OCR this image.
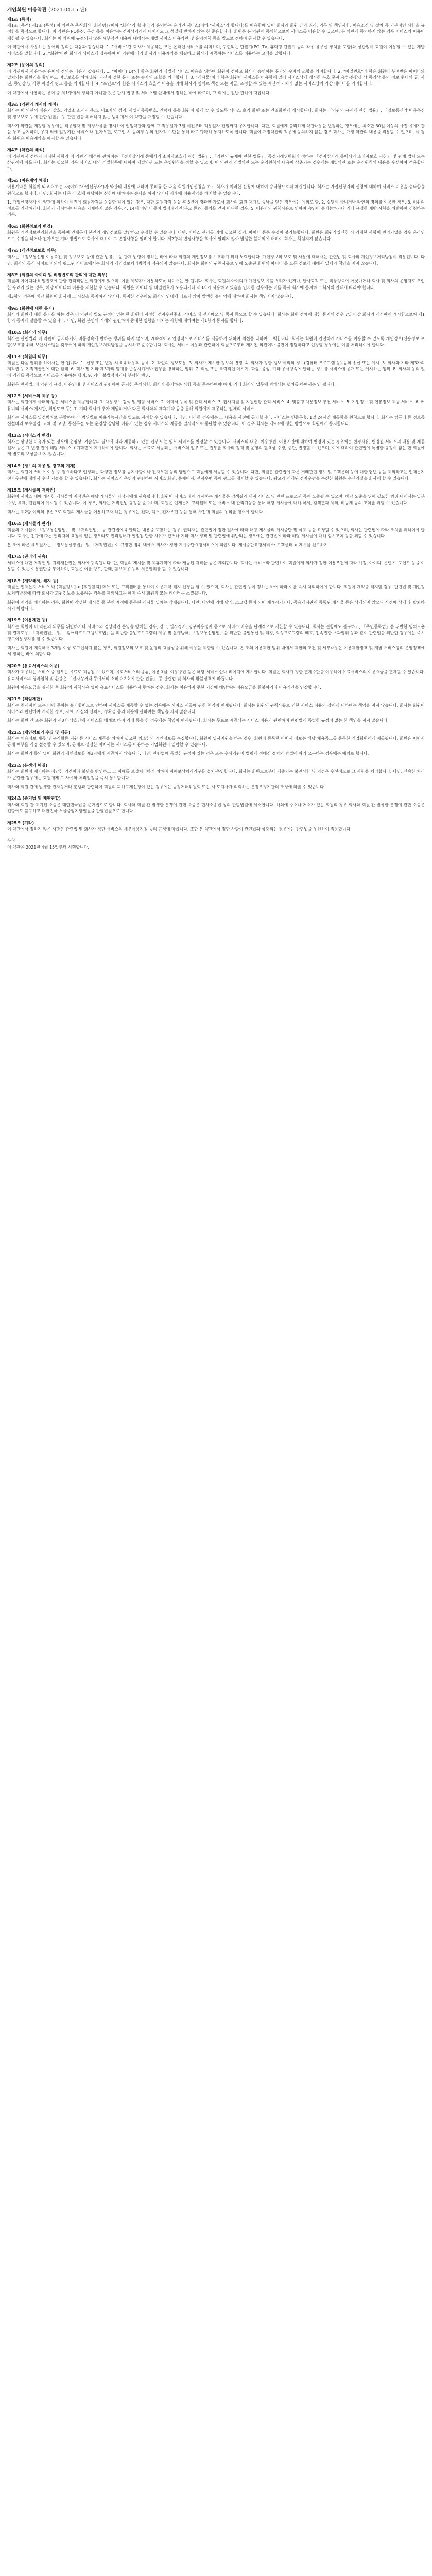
개인회원 이용약관 (2021.04.15 판)
제1조 (목적)
제1조 (목적) 제1조 (목적) 이 약관은 주식회사 [회사명] (이하 "회사"라 합니다)가 운영하는 온라인 서비스(이하 "서비스"라 합니다)를 이용함에 있어 회사와 회원 간의 권리, 의무 및 책임사항, 이용조건 및 절차 등 기본적인 사항을 규정함을 목적으로 합니다. 이 약관은 PC통신, 무선 등을 이용하는 전자상거래에 대해서도 그 성질에 반하지 않는 한 준용합니다. 회원은 본 약관에 동의함으로써 서비스를 이용할 수 있으며, 본 약관에 동의하지 않는 경우 서비스의 이용이 제한될 수 있습니다. 회사는 이 약관에 규정되지 않은 세부적인 내용에 대해서는 개별 서비스 이용약관 및 운영정책 등을 별도로 정하여 공지할 수 있습니다.
이 약관에서 사용하는 용어의 정의는 다음과 같습니다. 1. "서비스"란 회사가 제공하는 모든 온라인 서비스를 의미하며, 구현되는 단말기(PC, TV, 휴대형 단말기 등의 각종 유무선 장치를 포함)와 상관없이 회원이 이용할 수 있는 제반 서비스를 말합니다. 2. "회원"이란 회사의 서비스에 접속하여 이 약관에 따라 회사와 이용계약을 체결하고 회사가 제공하는 서비스를 이용하는 고객을 말합니다.
제2조 (용어의 정의)
이 약관에서 사용하는 용어의 정의는 다음과 같습니다. 1. "아이디(ID)"라 함은 회원의 식별과 서비스 이용을 위하여 회원이 정하고 회사가 승인하는 문자와 숫자의 조합을 의미합니다. 2. "비밀번호"라 함은 회원이 부여받은 아이디와 일치되는 회원임을 확인하고 비밀보호를 위해 회원 자신이 정한 문자 또는 숫자의 조합을 의미합니다. 3. "게시물"이라 함은 회원이 서비스를 이용함에 있어 서비스상에 게시한 부호·문자·음성·음향·화상·동영상 등의 정보 형태의 글, 사진, 동영상 및 각종 파일과 링크 등을 의미합니다. 4. "포인트"라 함은 서비스의 효율적 이용을 위해 회사가 임의로 책정 또는 지급, 조정할 수 있는 재산적 가치가 없는 서비스상의 가상 데이터를 의미합니다.
이 약관에서 사용하는 용어 중 제1항에서 정하지 아니한 것은 관계 법령 및 서비스별 안내에서 정하는 바에 따르며, 그 외에는 일반 관례에 따릅니다.
제3조 (약관의 게시와 개정)
회사는 이 약관의 내용과 상호, 영업소 소재지 주소, 대표자의 성명, 사업자등록번호, 연락처 등을 회원이 쉽게 알 수 있도록 서비스 초기 화면 또는 연결화면에 게시합니다. 회사는 「약관의 규제에 관한 법률」, 「정보통신망 이용촉진 및 정보보호 등에 관한 법률」 등 관련 법을 위배하지 않는 범위에서 이 약관을 개정할 수 있습니다.
회사가 약관을 개정할 경우에는 적용일자 및 개정사유를 명시하여 현행약관과 함께 그 적용일자 7일 이전부터 적용일자 전일까지 공지합니다. 다만, 회원에게 불리하게 약관내용을 변경하는 경우에는 최소한 30일 이상의 사전 유예기간을 두고 공지하며, 공지 외에 일정기간 서비스 내 전자우편, 로그인 시 동의창 등의 전자적 수단을 통해 따로 명확히 통지하도록 합니다. 회원이 개정약관의 적용에 동의하지 않는 경우 회사는 개정 약관의 내용을 적용할 수 없으며, 이 경우 회원은 이용계약을 해지할 수 있습니다.
제4조 (약관의 해석)
이 약관에서 정하지 아니한 사항과 이 약관의 해석에 관하여는 「전자상거래 등에서의 소비자보호에 관한 법률」, 「약관의 규제에 관한 법률」, 공정거래위원회가 정하는 「전자상거래 등에서의 소비자보호 지침」 및 관계 법령 또는 상관례에 따릅니다. 회사는 필요한 경우 서비스 내의 개별항목에 대하여 개별약관 또는 운영원칙을 정할 수 있으며, 이 약관과 개별약관 또는 운영원칙의 내용이 상충되는 경우에는 개별약관 또는 운영원칙의 내용을 우선하여 적용합니다.
제5조 (이용계약 체결)
이용계약은 회원이 되고자 하는 자(이하 "가입신청자")가 약관의 내용에 대하여 동의를 한 다음 회원가입신청을 하고 회사가 이러한 신청에 대하여 승낙함으로써 체결됩니다. 회사는 가입신청자의 신청에 대하여 서비스 이용을 승낙함을 원칙으로 합니다. 다만, 회사는 다음 각 호에 해당하는 신청에 대하여는 승낙을 하지 않거나 사후에 이용계약을 해지할 수 있습니다.
1. 가입신청자가 이 약관에 의하여 이전에 회원자격을 상실한 적이 있는 경우, 다만 회원자격 상실 후 3년이 경과한 자로서 회사의 회원 재가입 승낙을 얻은 경우에는 예외로 함. 2. 실명이 아니거나 타인의 명의를 이용한 경우. 3. 허위의 정보를 기재하거나, 회사가 제시하는 내용을 기재하지 않은 경우. 4. 14세 미만 아동이 법정대리인(부모 등)의 동의를 얻지 아니한 경우. 5. 이용자의 귀책사유로 인하여 승인이 불가능하거나 기타 규정한 제반 사항을 위반하며 신청하는 경우.
제6조 (회원정보의 변경)
회원은 개인정보관리화면을 통하여 언제든지 본인의 개인정보를 열람하고 수정할 수 있습니다. 다만, 서비스 관리를 위해 필요한 실명, 아이디 등은 수정이 불가능합니다. 회원은 회원가입신청 시 기재한 사항이 변경되었을 경우 온라인으로 수정을 하거나 전자우편 기타 방법으로 회사에 대하여 그 변경사항을 알려야 합니다. 제2항의 변경사항을 회사에 알리지 않아 발생한 불이익에 대하여 회사는 책임지지 않습니다.
제7조 (개인정보보호 의무)
회사는 「정보통신망 이용촉진 및 정보보호 등에 관한 법률」 등 관계 법령이 정하는 바에 따라 회원의 개인정보를 보호하기 위해 노력합니다. 개인정보의 보호 및 사용에 대해서는 관련법 및 회사의 개인정보처리방침이 적용됩니다. 다만, 회사의 공식 사이트 이외의 링크된 사이트에서는 회사의 개인정보처리방침이 적용되지 않습니다. 회사는 회원의 귀책사유로 인해 노출된 회원의 아이디 등 모든 정보에 대해서 일체의 책임을 지지 않습니다.
제8조 (회원의 아이디 및 비밀번호의 관리에 대한 의무)
회원의 아이디와 비밀번호에 관한 관리책임은 회원에게 있으며, 이를 제3자가 이용하도록 하여서는 안 됩니다. 회사는 회원의 아이디가 개인정보 유출 우려가 있거나, 반사회적 또는 미풍양속에 어긋나거나 회사 및 회사의 운영자로 오인한 우려가 있는 경우, 해당 아이디의 이용을 제한할 수 있습니다. 회원은 아이디 및 비밀번호가 도용되거나 제3자가 사용하고 있음을 인지한 경우에는 이를 즉시 회사에 통지하고 회사의 안내에 따라야 합니다.
제3항의 경우에 해당 회원이 회사에 그 사실을 통지하지 않거나, 통지한 경우에도 회사의 안내에 따르지 않아 발생한 불이익에 대하여 회사는 책임지지 않습니다.
제9조 (회원에 대한 통지)
회사가 회원에 대한 통지를 하는 경우 이 약관에 별도 규정이 없는 한 회원이 지정한 전자우편주소, 서비스 내 전자메모 및 쪽지 등으로 할 수 있습니다. 회사는 회원 전체에 대한 통지의 경우 7일 이상 회사의 게시판에 게시함으로써 제1항의 통지에 갈음할 수 있습니다. 다만, 회원 본인의 거래와 관련하여 중대한 영향을 미치는 사항에 대하여는 제1항의 통지를 합니다.
제10조 (회사의 의무)
회사는 관련법과 이 약관이 금지하거나 미풍양속에 반하는 행위를 하지 않으며, 계속적이고 안정적으로 서비스를 제공하기 위하여 최선을 다하여 노력합니다. 회사는 회원이 안전하게 서비스를 이용할 수 있도록 개인정보(신용정보 포함)보호를 위해 보안시스템을 갖추어야 하며 개인정보처리방침을 공시하고 준수합니다. 회사는 서비스 이용과 관련하여 회원으로부터 제기된 의견이나 불만이 정당하다고 인정할 경우에는 이를 처리하여야 합니다.
제11조 (회원의 의무)
회원은 다음 행위를 하여서는 안 됩니다. 1. 신청 또는 변경 시 허위내용의 등록. 2. 타인의 정보도용. 3. 회사가 게시한 정보의 변경. 4. 회사가 정한 정보 이외의 정보(컴퓨터 프로그램 등) 등의 송신 또는 게시. 5. 회사와 기타 제3자의 저작권 등 지적재산권에 대한 침해. 6. 회사 및 기타 제3자의 명예를 손상시키거나 업무를 방해하는 행위. 7. 외설 또는 폭력적인 메시지, 화상, 음성, 기타 공서양속에 반하는 정보를 서비스에 공개 또는 게시하는 행위. 8. 회사의 동의 없이 영리를 목적으로 서비스를 사용하는 행위. 9. 기타 불법적이거나 부당한 행위.
회원은 관계법, 이 약관의 규정, 이용안내 및 서비스와 관련하여 공지한 주의사항, 회사가 통지하는 사항 등을 준수하여야 하며, 기타 회사의 업무에 방해되는 행위를 하여서는 안 됩니다.
제12조 (서비스의 제공 등)
회사는 회원에게 아래와 같은 서비스를 제공합니다. 1. 채용정보 검색 및 열람 서비스. 2. 이력서 등록 및 관리 서비스. 3. 입사지원 및 지원현황 관리 서비스. 4. 맞춤형 채용정보 추천 서비스. 5. 기업정보 및 연봉정보 제공 서비스. 6. 커뮤니티 서비스(게시판, 취업토크 등). 7. 기타 회사가 추가 개발하거나 다른 회사와의 제휴계약 등을 통해 회원에게 제공하는 일체의 서비스.
회사는 서비스를 일정범위로 분할하여 각 범위별로 이용가능시간을 별도로 지정할 수 있습니다. 다만, 이러한 경우에는 그 내용을 사전에 공지합니다. 서비스는 연중무휴, 1일 24시간 제공함을 원칙으로 합니다. 회사는 컴퓨터 등 정보통신설비의 보수점검, 교체 및 고장, 통신두절 또는 운영상 상당한 이유가 있는 경우 서비스의 제공을 일시적으로 중단할 수 있습니다. 이 경우 회사는 제9조에 정한 방법으로 회원에게 통지합니다.
제13조 (서비스의 변경)
회사는 상당한 이유가 있는 경우에 운영상, 기술상의 필요에 따라 제공하고 있는 전부 또는 일부 서비스를 변경할 수 있습니다. 서비스의 내용, 이용방법, 이용시간에 대하여 변경이 있는 경우에는 변경사유, 변경될 서비스의 내용 및 제공일자 등은 그 변경 전에 해당 서비스 초기화면에 게시하여야 합니다. 회사는 무료로 제공되는 서비스의 일부 또는 전부를 회사의 정책 및 운영의 필요상 수정, 중단, 변경할 수 있으며, 이에 대하여 관련법에 특별한 규정이 없는 한 회원에게 별도의 보상을 하지 않습니다.
제14조 (정보의 제공 및 광고의 게재)
회사는 회원이 서비스 이용 중 필요하다고 인정되는 다양한 정보를 공지사항이나 전자우편 등의 방법으로 회원에게 제공할 수 있습니다. 다만, 회원은 관련법에 따른 거래관련 정보 및 고객문의 등에 대한 답변 등을 제외하고는 언제든지 전자우편에 대해서 수신 거절을 할 수 있습니다. 회사는 서비스의 운영과 관련하여 서비스 화면, 홈페이지, 전자우편 등에 광고를 게재할 수 있습니다. 광고가 게재된 전자우편을 수신한 회원은 수신거절을 회사에 할 수 있습니다.
제15조 (게시물의 저작권)
회원이 서비스 내에 게시한 게시물의 저작권은 해당 게시물의 저작자에게 귀속됩니다. 회원이 서비스 내에 게시하는 게시물은 검색결과 내지 서비스 및 관련 프로모션 등에 노출될 수 있으며, 해당 노출을 위해 필요한 범위 내에서는 일부 수정, 복제, 편집되어 게시될 수 있습니다. 이 경우, 회사는 저작권법 규정을 준수하며, 회원은 언제든지 고객센터 또는 서비스 내 관리기능을 통해 해당 게시물에 대해 삭제, 검색결과 제외, 비공개 등의 조치를 취할 수 있습니다.
회사는 제2항 이외의 방법으로 회원의 게시물을 이용하고자 하는 경우에는 전화, 팩스, 전자우편 등을 통해 사전에 회원의 동의를 얻어야 합니다.
제16조 (게시물의 관리)
회원의 게시물이 「정보통신망법」 및 「저작권법」 등 관련법에 위반되는 내용을 포함하는 경우, 권리자는 관련법이 정한 절차에 따라 해당 게시물의 게시중단 및 삭제 등을 요청할 수 있으며, 회사는 관련법에 따라 조치를 취하여야 합니다. 회사는 전항에 따른 권리자의 요청이 없는 경우라도 권리침해가 인정될 만한 사유가 있거나 기타 회사 정책 및 관련법에 위반되는 경우에는 관련법에 따라 해당 게시물에 대해 임시조치 등을 취할 수 있습니다.
본 조에 따른 세부절차는 「정보통신망법」 및 「저작권법」이 규정한 범위 내에서 회사가 정한 게시중단요청서비스에 따릅니다. 게시중단요청서비스: 고객센터 > 게시물 신고하기
제17조 (권리의 귀속)
서비스에 대한 저작권 및 지적재산권은 회사에 귀속됩니다. 단, 회원의 게시물 및 제휴계약에 따라 제공된 저작물 등은 제외합니다. 회사는 서비스와 관련하여 회원에게 회사가 정한 이용조건에 따라 계정, 아이디, 콘텐츠, 포인트 등을 이용할 수 있는 이용권만을 부여하며, 회원은 이를 양도, 판매, 담보제공 등의 처분행위를 할 수 없습니다.
제18조 (계약해제, 해지 등)
회원은 언제든지 서비스 내 [회원정보] > [회원탈퇴] 메뉴 또는 고객센터를 통하여 이용계약 해지 신청을 할 수 있으며, 회사는 관련법 등이 정하는 바에 따라 이를 즉시 처리하여야 합니다. 회원이 계약을 해지할 경우, 관련법 및 개인정보처리방침에 따라 회사가 회원정보를 보유하는 경우를 제외하고는 해지 즉시 회원의 모든 데이터는 소멸됩니다.
회원이 계약을 해지하는 경우, 회원이 작성한 게시물 중 본인 계정에 등록된 게시물 일체는 삭제됩니다. 다만, 타인에 의해 담기, 스크랩 등이 되어 재게시되거나, 공용게시판에 등록된 게시물 등은 삭제되지 않으니 사전에 삭제 후 탈퇴하시기 바랍니다.
제19조 (이용제한 등)
회사는 회원이 이 약관의 의무를 위반하거나 서비스의 정상적인 운영을 방해한 경우, 경고, 일시정지, 영구이용정지 등으로 서비스 이용을 단계적으로 제한할 수 있습니다. 회사는 전항에도 불구하고, 「주민등록법」을 위반한 명의도용 및 결제도용, 「저작권법」 및 「컴퓨터프로그램보호법」을 위반한 불법프로그램의 제공 및 운영방해, 「정보통신망법」을 위반한 불법통신 및 해킹, 악성프로그램의 배포, 접속권한 초과행위 등과 같이 관련법을 위반한 경우에는 즉시 영구이용정지를 할 수 있습니다.
회사는 회원이 계속해서 3개월 이상 로그인하지 않는 경우, 회원정보의 보호 및 운영의 효율성을 위해 이용을 제한할 수 있습니다. 본 조의 이용제한 범위 내에서 제한의 조건 및 세부내용은 이용제한정책 및 개별 서비스상의 운영정책에서 정하는 바에 의합니다.
제20조 (유료서비스의 이용)
회사가 제공하는 서비스 중 일부는 유료로 제공될 수 있으며, 유료서비스의 종류, 이용요금, 이용방법 등은 해당 서비스 안내 페이지에 게시합니다. 회원은 회사가 정한 결제수단을 이용하여 유료서비스의 이용요금을 결제할 수 있습니다. 유료서비스의 청약철회 및 환불은 「전자상거래 등에서의 소비자보호에 관한 법률」 등 관련법 및 회사의 환불정책에 따릅니다.
회원이 이용요금을 결제한 후 회원의 귀책사유 없이 유료서비스를 이용하지 못하는 경우, 회사는 이용하지 못한 기간에 해당하는 이용요금을 환불하거나 이용기간을 연장합니다.
제21조 (책임제한)
회사는 천재지변 또는 이에 준하는 불가항력으로 인하여 서비스를 제공할 수 없는 경우에는 서비스 제공에 관한 책임이 면제됩니다. 회사는 회원의 귀책사유로 인한 서비스 이용의 장애에 대하여는 책임을 지지 않습니다. 회사는 회원이 서비스와 관련하여 게재한 정보, 자료, 사실의 신뢰도, 정확성 등의 내용에 관하여는 책임을 지지 않습니다.
회사는 회원 간 또는 회원과 제3자 상호간에 서비스를 매개로 하여 거래 등을 한 경우에는 책임이 면제됩니다. 회사는 무료로 제공되는 서비스 이용과 관련하여 관련법에 특별한 규정이 없는 한 책임을 지지 않습니다.
제22조 (개인정보의 수집 및 제공)
회사는 채용정보 제공 및 구직활동 지원 등 서비스 제공을 위하여 필요한 최소한의 개인정보를 수집합니다. 회원이 입사지원을 하는 경우, 회원이 등록한 이력서 정보는 해당 채용공고를 등록한 기업회원에게 제공됩니다. 회원은 이력서 공개 여부를 직접 설정할 수 있으며, 공개로 설정한 이력서는 서비스를 이용하는 기업회원이 열람할 수 있습니다.
회사는 회원의 동의 없이 회원의 개인정보를 제3자에게 제공하지 않습니다. 다만, 관련법에 특별한 규정이 있는 경우 또는 수사기관이 법령에 정해진 절차와 방법에 따라 요구하는 경우에는 예외로 합니다.
제23조 (분쟁의 해결)
회사는 회원이 제기하는 정당한 의견이나 불만을 반영하고 그 피해를 보상처리하기 위하여 피해보상처리기구를 설치·운영합니다. 회사는 회원으로부터 제출되는 불만사항 및 의견은 우선적으로 그 사항을 처리합니다. 다만, 신속한 처리가 곤란한 경우에는 회원에게 그 사유와 처리일정을 즉시 통보합니다.
회사와 회원 간에 발생한 전자상거래 분쟁과 관련하여 회원의 피해구제신청이 있는 경우에는 공정거래위원회 또는 시·도지사가 의뢰하는 분쟁조정기관의 조정에 따를 수 있습니다.
제24조 (준거법 및 재판관할)
회사와 회원 간 제기된 소송은 대한민국법을 준거법으로 합니다. 회사와 회원 간 발생한 분쟁에 관한 소송은 민사소송법 상의 관할법원에 제소합니다. 해외에 주소나 거소가 있는 회원의 경우 회사와 회원 간 발생한 분쟁에 관한 소송은 전항에도 불구하고 대한민국 서울중앙지방법원을 관할법원으로 합니다.
제25조 (기타)
이 약관에서 정하지 않은 사항은 관련법 및 회사가 정한 서비스의 세부이용지침 등의 규정에 따릅니다. 또한 본 약관에서 정한 사항이 관련법과 상충되는 경우에는 관련법을 우선하여 적용합니다.
부칙
이 약관은 2021년 4월 15일부터 시행합니다.
